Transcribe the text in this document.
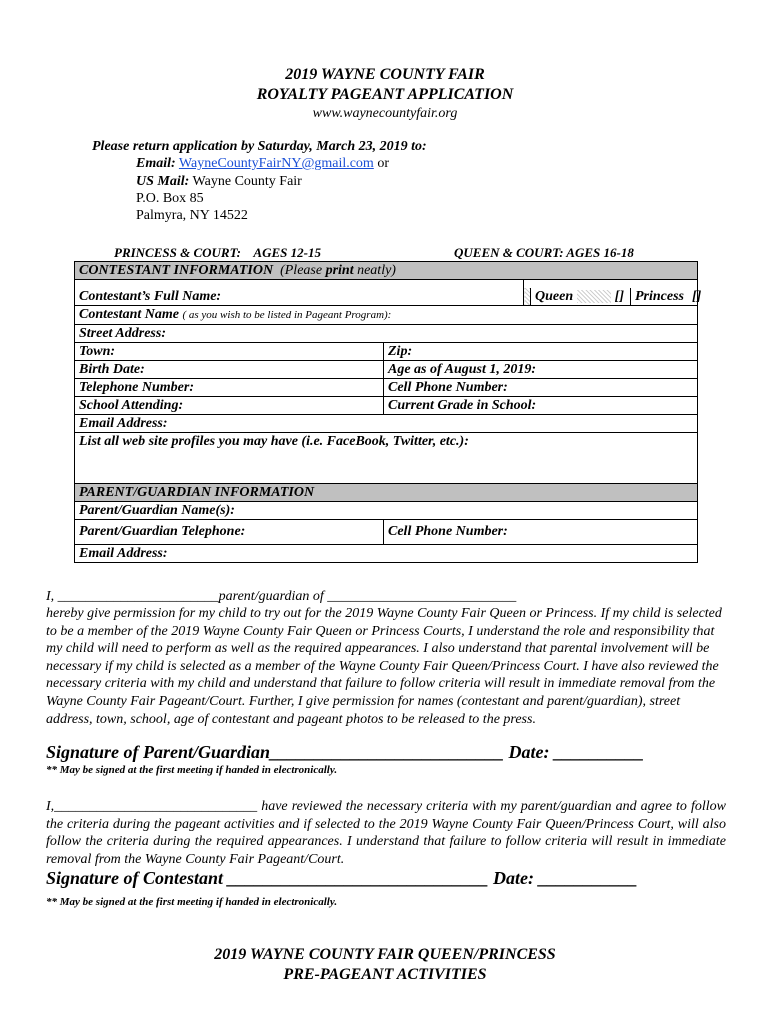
2019 WAYNE COUNTY FAIR
ROYALTY PAGEANT APPLICATION
www.waynecountyfair.org
Please return application by Saturday, March 23, 2019 to:
Email: WayneCountyFairNY@gmail.com or
US Mail: Wayne County Fair
P.O. Box 85
Palmyra, NY 14522
PRINCESS & COURT:    AGES 12-15	QUEEN & COURT: AGES 16-18
CONTESTANT INFORMATION (Please print neatly)				

Contestant’s Full Name:			Queen []	Princess []

Contestant Name ( as you wish to be listed in Pageant Program):				
Street Address:				
Town:	Zip:			
Birth Date:	Age as of August 1, 2019:			
Telephone Number:	Cell Phone Number:			
School Attending:	Current Grade in School:			
Email Address:				
List all web site profiles you may have (i.e. FaceBook, Twitter, etc.):				
PARENT/GUARDIAN INFORMATION				
Parent/Guardian Name(s):				
Parent/Guardian Telephone:	Cell Phone Number:			
Email Address:				
I, _______________________parent/guardian of ___________________________
hereby give permission for my child to try out for the 2019 Wayne County Fair Queen or Princess. If my child is selected to be a member of the 2019 Wayne County Fair Queen or Princess Courts, I understand the role and responsibility that my child will need to perform as well as the required appearances. I also understand that parental involvement will be necessary if my child is selected as a member of the Wayne County Fair Queen/Princess Court. I have also reviewed the necessary criteria with my child and understand that failure to follow criteria will result in immediate removal from the Wayne County Fair Pageant/Court. Further, I give permission for names (contestant and parent/guardian), street address, town, school, age of contestant and pageant photos to be released to the press.
Signature of Parent/Guardian__________________________ Date: __________
** May be signed at the first meeting if handed in electronically.
I,_____________________________ have reviewed the necessary criteria with my parent/guardian and agree to follow the criteria during the pageant activities and if selected to the 2019 Wayne County Fair Queen/Princess Court, will also follow the criteria during the required appearances. I understand that failure to follow criteria will result in immediate removal from the Wayne County Fair Pageant/Court.
Signature of Contestant _____________________________ Date: ___________
** May be signed at the first meeting if handed in electronically.
2019 WAYNE COUNTY FAIR QUEEN/PRINCESS
PRE-PAGEANT ACTIVITIES
